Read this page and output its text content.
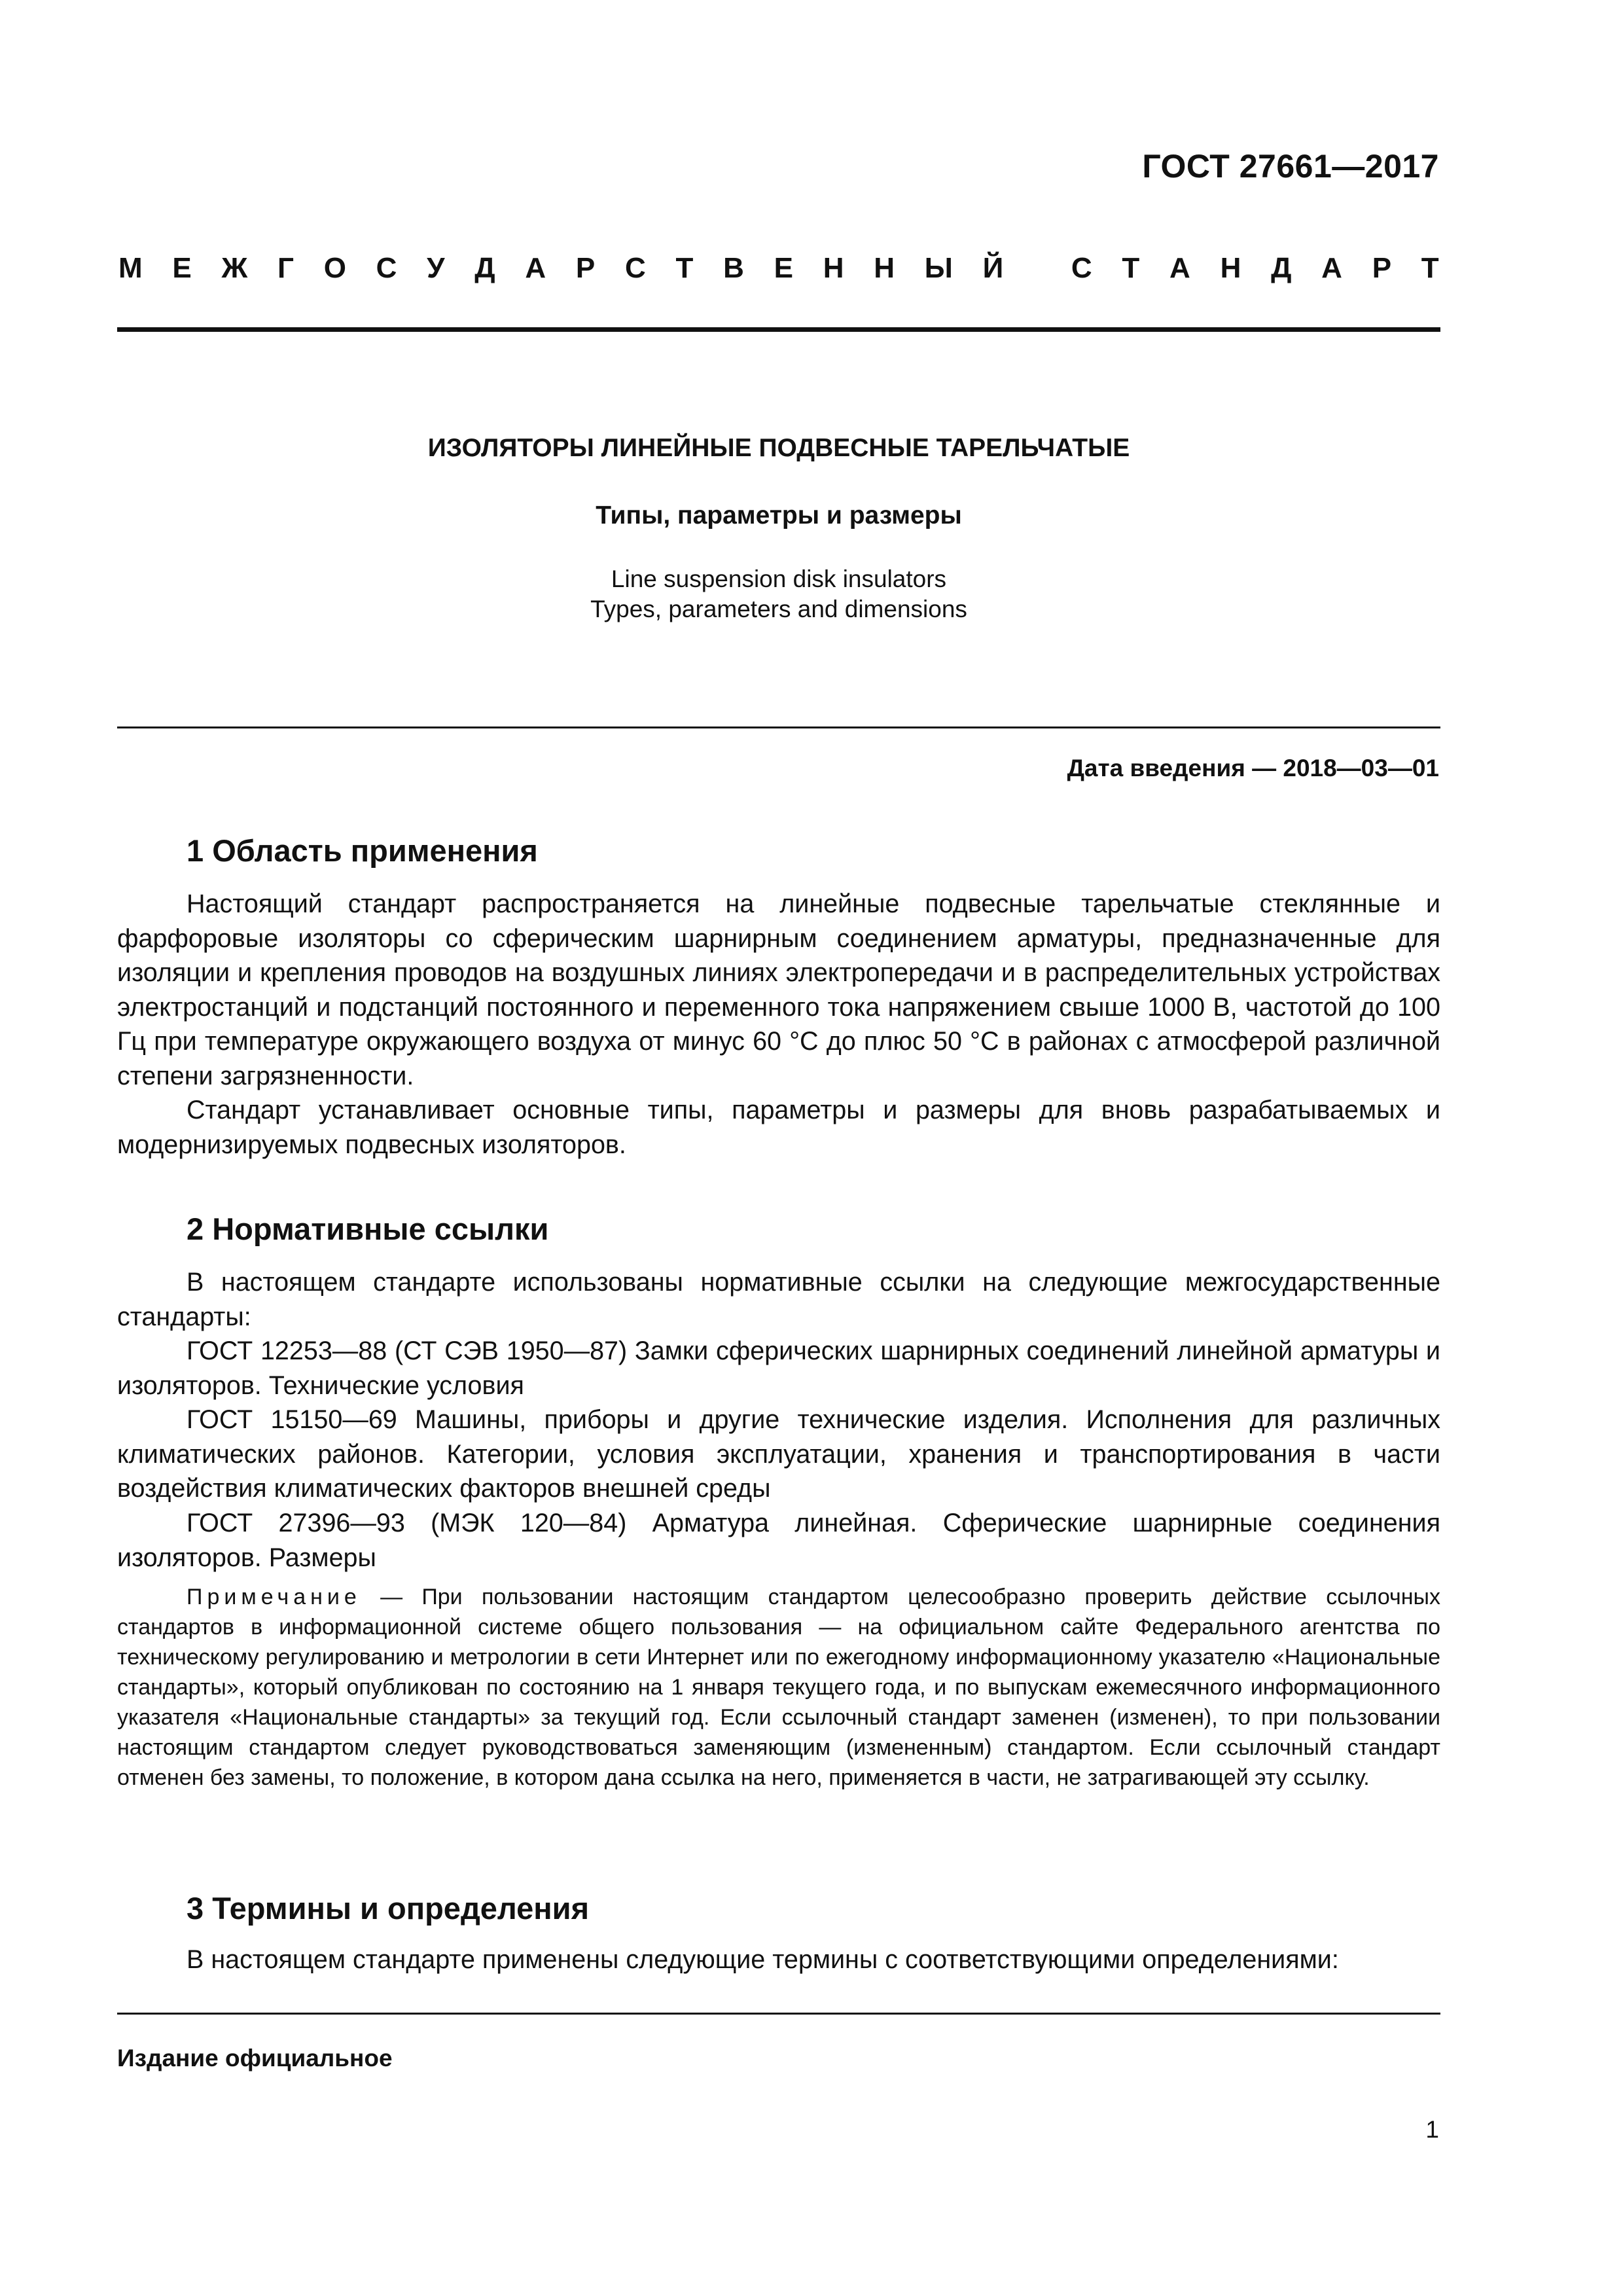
ГОСТ 27661—2017
М Е Ж Г О С У Д А Р С Т В Е Н Н Ы Й
С Т А Н Д А Р Т
ИЗОЛЯТОРЫ ЛИНЕЙНЫЕ ПОДВЕСНЫЕ ТАРЕЛЬЧАТЫЕ
Типы, параметры и размеры
Line suspension disk insulators
Types, parameters and dimensions
Дата введения — 2018—03—01
1 Область применения

Настоящий стандарт распространяется на линейные подвесные тарельчатые стеклянные и фарфоровые изоляторы со сферическим шарнирным соединением арматуры, предназначенные для изоляции и крепления проводов на воздушных линиях электропередачи и в распределительных устройствах электростанций и подстанций постоянного и переменного тока напряжением свыше 1000 В, частотой до 100 Гц при температуре окружающего воздуха от минус 60 °С до плюс 50 °С в районах с атмосферой различной степени загрязненности.

Стандарт устанавливает основные типы, параметры и размеры для вновь разрабатываемых и модернизируемых подвесных изоляторов.

2 Нормативные ссылки

В настоящем стандарте использованы нормативные ссылки на следующие межгосударственные стандарты:

ГОСТ 12253—88 (СТ СЭВ 1950—87) Замки сферических шарнирных соединений линейной арматуры и изоляторов. Технические условия

ГОСТ 15150—69 Машины, приборы и другие технические изделия. Исполнения для различных климатических районов. Категории, условия эксплуатации, хранения и транспортирования в части воздействия климатических факторов внешней среды

ГОСТ 27396—93 (МЭК 120—84) Арматура линейная. Сферические шарнирные соединения изоляторов. Размеры

Примечание — При пользовании настоящим стандартом целесообразно проверить действие ссылочных стандартов в информационной системе общего пользования — на официальном сайте Федерального агентства по техническому регулированию и метрологии в сети Интернет или по ежегодному информационному указателю «Национальные стандарты», который опубликован по состоянию на 1 января текущего года, и по выпускам ежемесячного информационного указателя «Национальные стандарты» за текущий год. Если ссылочный стандарт заменен (изменен), то при пользовании настоящим стандартом следует руководствоваться заменяющим (измененным) стандартом. Если ссылочный стандарт отменен без замены, то положение, в котором дана ссылка на него, применяется в части, не затрагивающей эту ссылку.

3 Термины и определения

В настоящем стандарте применены следующие термины с соответствующими определениями:

Издание официальное
1
